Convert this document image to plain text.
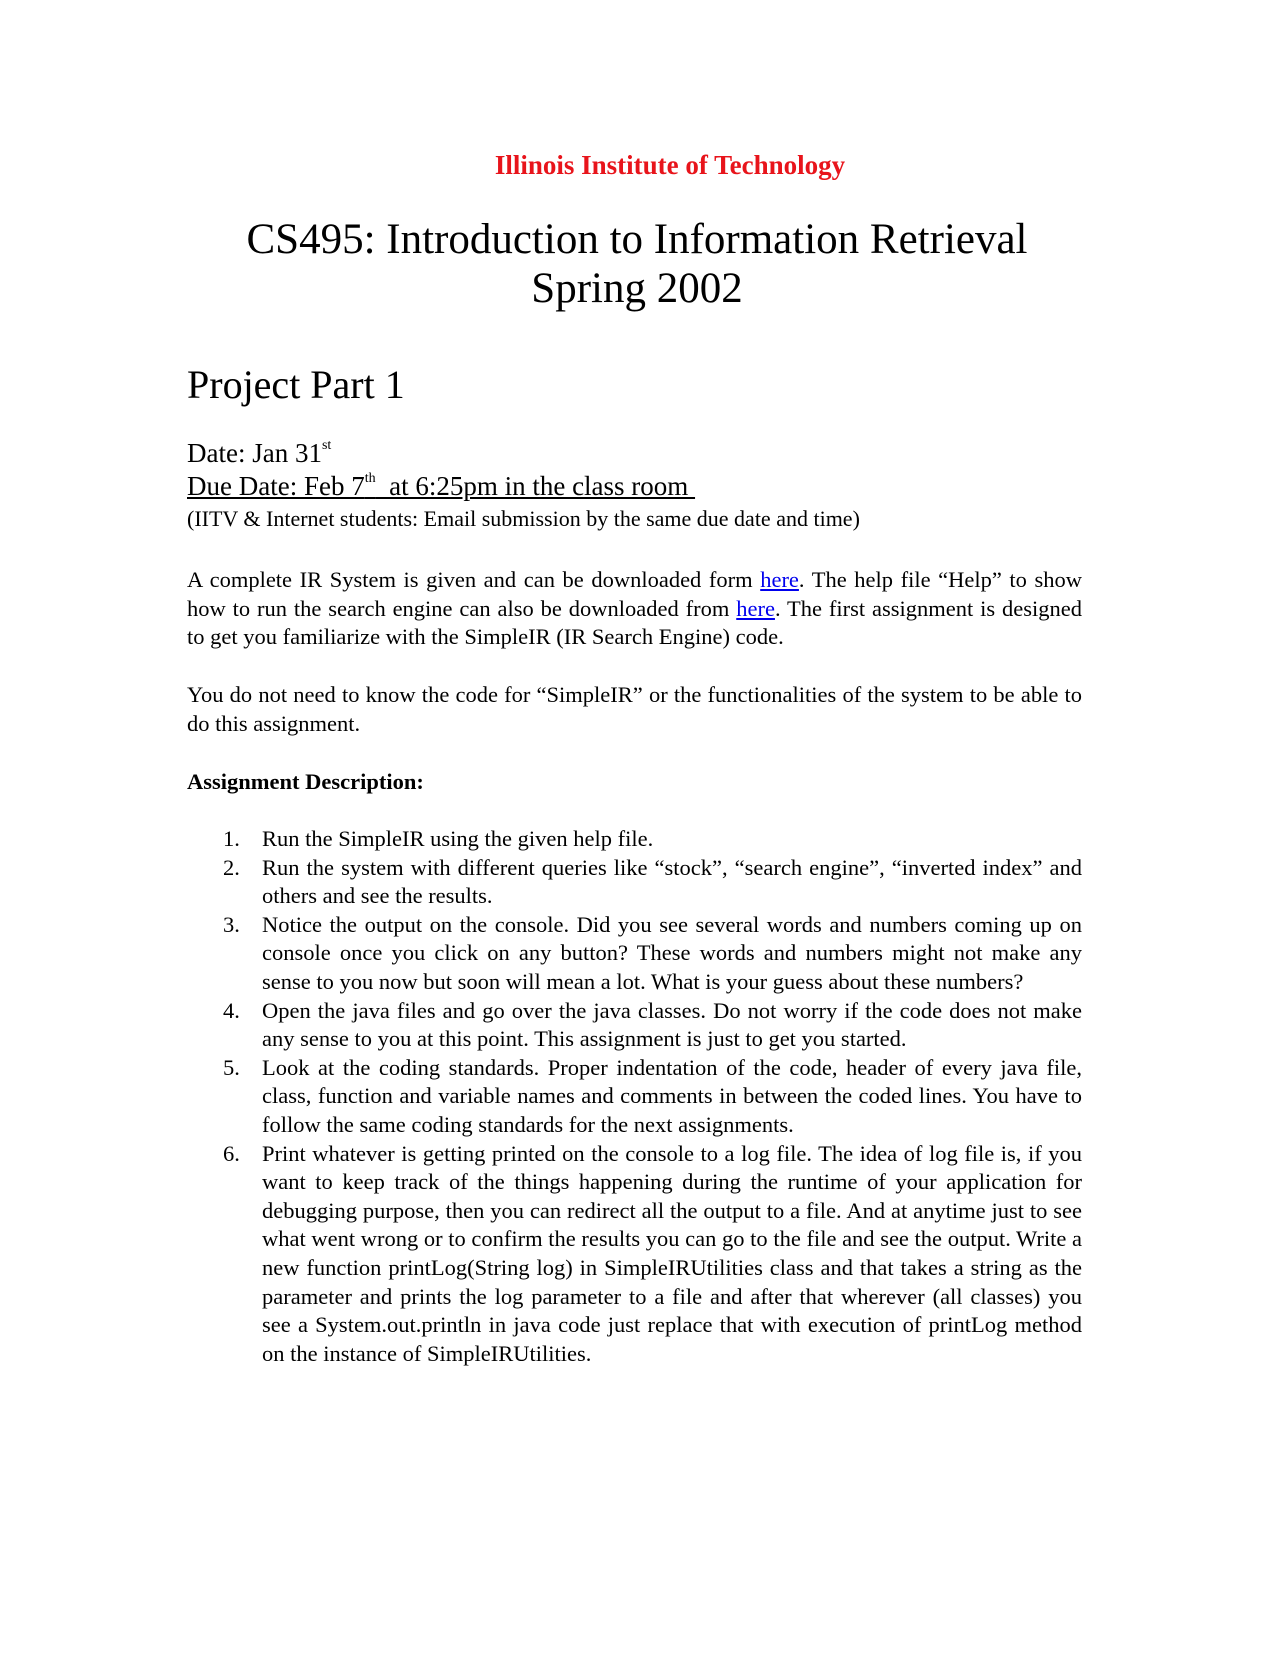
Illinois Institute of Technology
CS495: Introduction to Information Retrieval
Spring 2002
Project Part 1
Date: Jan 31st
Due Date: Feb 7th  at 6:25pm in the class room
(IITV & Internet students: Email submission by the same due date and time)

A complete IR System is given and can be downloaded form here. The help file “Help” to show how to run the search engine can also be downloaded from here. The first assignment is designed to get you familiarize with the SimpleIR (IR Search Engine) code.

You do not need to know the code for “SimpleIR” or the functionalities of the system to be able to do this assignment.

Assignment Description:
1. Run the SimpleIR using the given help file.
2. Run the system with different queries like “stock”, “search engine”, “inverted index” and others and see the results.
3. Notice the output on the console. Did you see several words and numbers coming up on console once you click on any button? These words and numbers might not make any sense to you now but soon will mean a lot. What is your guess about these numbers?
4. Open the java files and go over the java classes. Do not worry if the code does not make any sense to you at this point. This assignment is just to get you started.
5. Look at the coding standards. Proper indentation of the code, header of every java file, class, function and variable names and comments in between the coded lines. You have to follow the same coding standards for the next assignments.
6. Print whatever is getting printed on the console to a log file. The idea of log file is, if you want to keep track of the things happening during the runtime of your application for debugging purpose, then you can redirect all the output to a file. And at anytime just to see what went wrong or to confirm the results you can go to the file and see the output. Write a new function printLog(String log) in SimpleIRUtilities class and that takes a string as the parameter and prints the log parameter to a file and after that wherever (all classes) you see a System.out.println in java code just replace that with execution of printLog method on the instance of SimpleIRUtilities.
